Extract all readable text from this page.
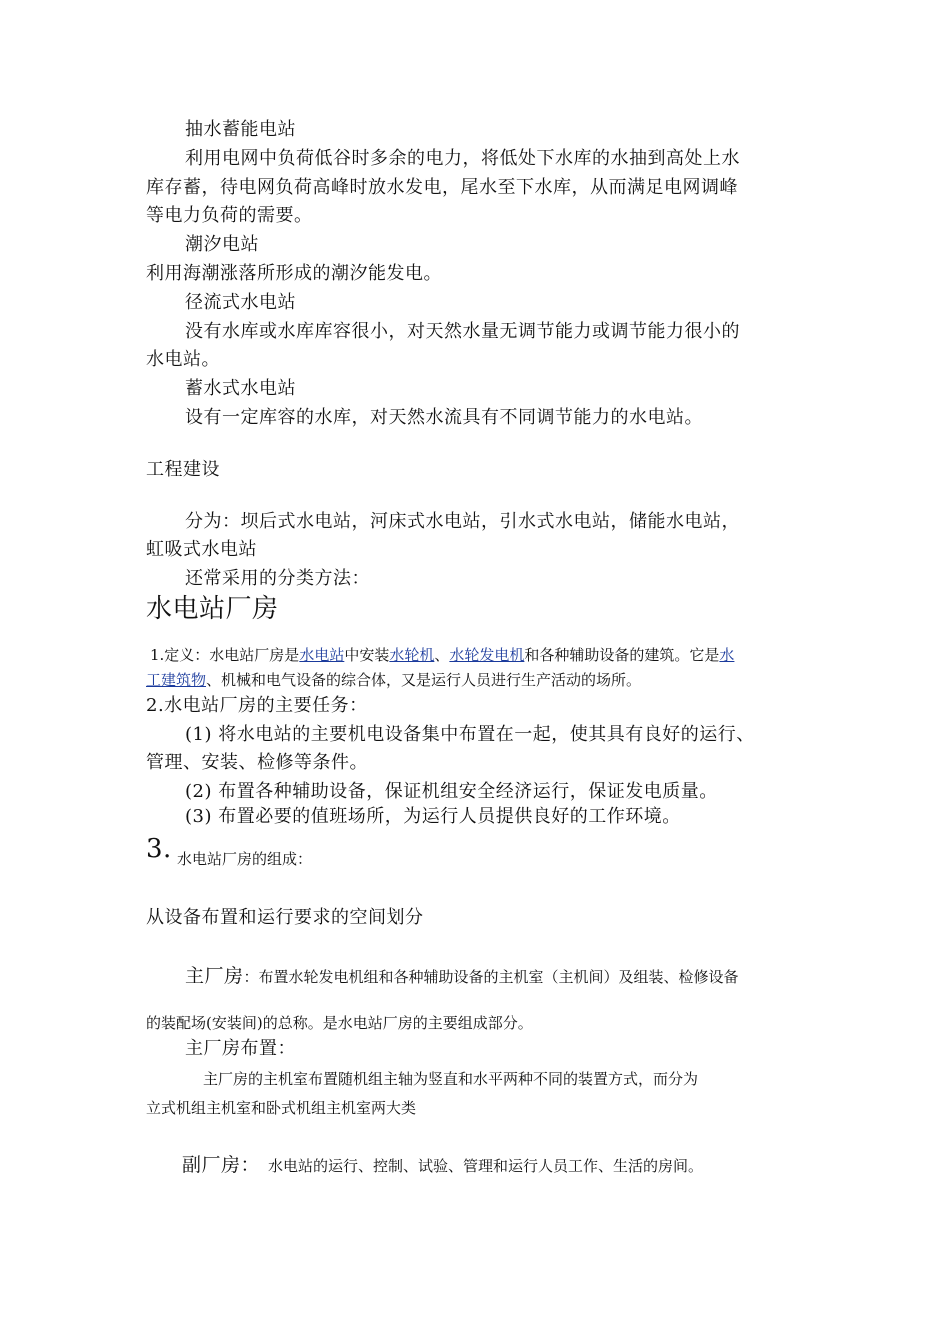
抽水蓄能电站
利用电网中负荷低谷时多余的电力，将低处下水库的水抽到高处上水
库存蓄，待电网负荷高峰时放水发电，尾水至下水库，从而满足电网调峰
等电力负荷的需要。
潮汐电站
利用海潮涨落所形成的潮汐能发电。
径流式水电站
没有水库或水库库容很小，对天然水量无调节能力或调节能力很小的
水电站。
蓄水式水电站
设有一定库容的水库，对天然水流具有不同调节能力的水电站。
工程建设
分为：坝后式水电站，河床式水电站，引水式水电站，储能水电站，
虹吸式水电站
还常采用的分类方法：
水电站厂房
1.定义：水电站厂房是水电站中安装水轮机、水轮发电机和各种辅助设备的建筑。它是水
工建筑物、机械和电气设备的综合体，又是运行人员进行生产活动的场所。
2.水电站厂房的主要任务：
(1) 将水电站的主要机电设备集中布置在一起，使其具有良好的运行、
管理、安装、检修等条件。
(2) 布置各种辅助设备，保证机组安全经济运行，保证发电质量。
(3) 布置必要的值班场所，为运行人员提供良好的工作环境。
3. 水电站厂房的组成：
从设备布置和运行要求的空间划分
主厂房：布置水轮发电机组和各种辅助设备的主机室（主机间）及组装、检修设备
的装配场(安装间)的总称。是水电站厂房的主要组成部分。
主厂房布置：
主厂房的主机室布置随机组主轴为竖直和水平两种不同的装置方式，而分为
立式机组主机室和卧式机组主机室两大类
副厂房： 水电站的运行、控制、试验、管理和运行人员工作、生活的房间。
